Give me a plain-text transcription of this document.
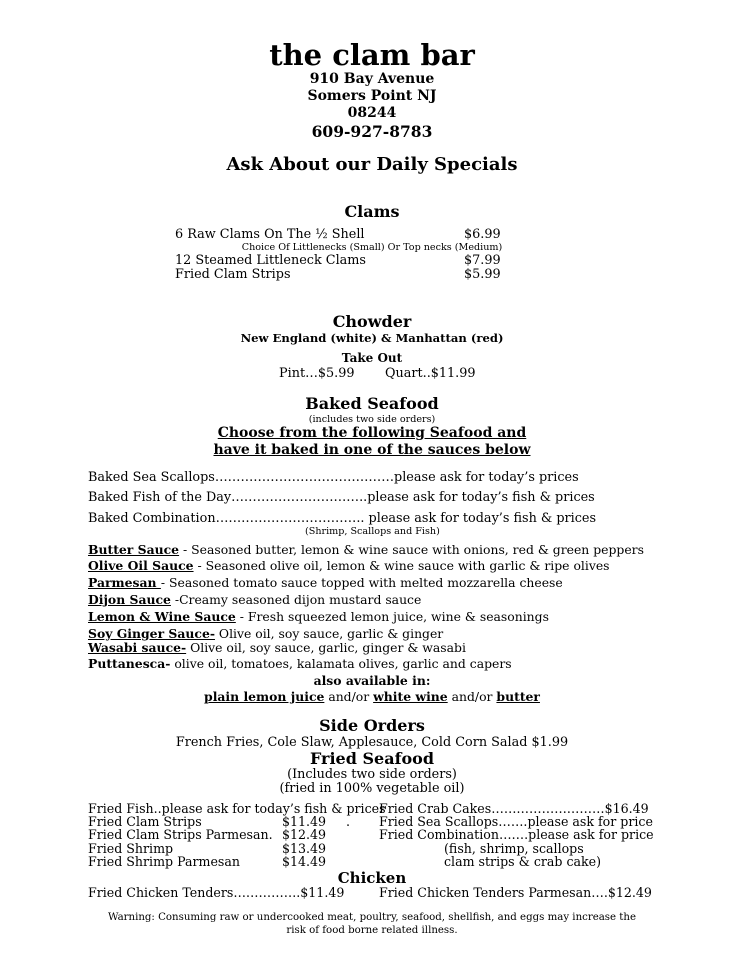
the clam bar
910 Bay Avenue
Somers Point NJ
08244
609-927-8783
Ask About our Daily Specials
Clams
6 Raw Clams On The ½ Shell	$6.99
Choice Of Littlenecks (Small) Or Top necks (Medium)
12 Steamed Littleneck Clams	$7.99
Fried Clam Strips	$5.99
Chowder
New England (white) & Manhattan (red)
Take Out
Pint…$5.99 Quart..$11.99
Baked Seafood
(includes two side orders)
Choose from the following Seafood and
have it baked in one of the sauces below
Baked Sea Scallops……………………………………please ask for today’s prices
Baked Fish of the Day…………………………..please ask for today’s fish & prices
Baked Combination…………………………….. please ask for today’s fish & prices
(Shrimp, Scallops and Fish)
Butter Sauce - Seasoned butter, lemon & wine sauce with onions, red & green peppers
Olive Oil Sauce - Seasoned olive oil, lemon & wine sauce with garlic & ripe olives
Parmesan - Seasoned tomato sauce topped with melted mozzarella cheese
Dijon Sauce -Creamy seasoned dijon mustard sauce
Lemon & Wine Sauce - Fresh squeezed lemon juice, wine & seasonings
Soy Ginger Sauce- Olive oil, soy sauce, garlic & ginger
Wasabi sauce- Olive oil, soy sauce, garlic, ginger & wasabi
Puttanesca- olive oil, tomatoes, kalamata olives, garlic and capers
also available in:
plain lemon juice and/or white wine and/or butter
Side Orders
French Fries, Cole Slaw, Applesauce, Cold Corn Salad $1.99
Fried Seafood
(Includes two side orders)
(fried in 100% vegetable oil)
Fried Fish..please ask for today’s fish & prices
Fried Clam Strips	$11.49 .
Fried Clam Strips Parmesan. $12.49
Fried Shrimp	$13.49
Fried Shrimp Parmesan	$14.49
Fried Crab Cakes………………………$16.49
Fried Sea Scallops…….please ask for price
Fried Combination…….please ask for price
(fish, shrimp, scallops
clam strips & crab cake)
Chicken
Fried Chicken Tenders…………….$11.49	Fried Chicken Tenders Parmesan….$12.49
Warning: Consuming raw or undercooked meat, poultry, seafood, shellfish, and eggs may increase the
risk of food borne related illness.
